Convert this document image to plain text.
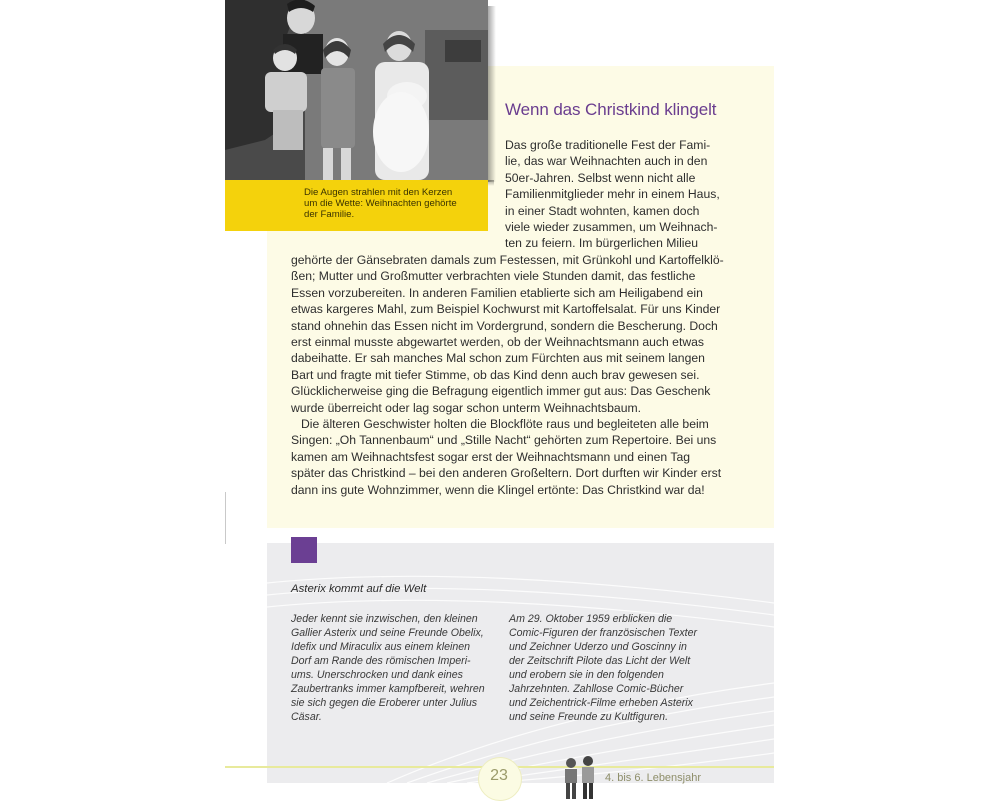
Die Augen strahlen mit den Kerzen
um die Wette: Weihnachten gehörte
der Familie.
Wenn das Christkind klingelt
Das große traditionelle Fest der Fami-
lie, das war Weihnachten auch in den
50er-Jahren. Selbst wenn nicht alle
Familienmitglieder mehr in einem Haus,
in einer Stadt wohnten, kamen doch
viele wieder zusammen, um Weihnach-
ten zu feiern. Im bürgerlichen Milieu
gehörte der Gänsebraten damals zum Festessen, mit Grünkohl und Kartoffelklö-
ßen; Mutter und Großmutter verbrachten viele Stunden damit, das festliche
Essen vorzubereiten. In anderen Familien etablierte sich am Heiligabend ein
etwas kargeres Mahl, zum Beispiel Kochwurst mit Kartoffelsalat. Für uns Kinder
stand ohnehin das Essen nicht im Vordergrund, sondern die Bescherung. Doch
erst einmal musste abgewartet werden, ob der Weihnachtsmann auch etwas
dabeihatte. Er sah manches Mal schon zum Fürchten aus mit seinem langen
Bart und fragte mit tiefer Stimme, ob das Kind denn auch brav gewesen sei.
Glücklicherweise ging die Befragung eigentlich immer gut aus: Das Geschenk
wurde überreicht oder lag sogar schon unterm Weihnachtsbaum.
Die älteren Geschwister holten die Blockflöte raus und begleiteten alle beim
Singen: „Oh Tannenbaum“ und „Stille Nacht“ gehörten zum Repertoire. Bei uns
kamen am Weihnachtsfest sogar erst der Weihnachtsmann und einen Tag
später das Christkind – bei den anderen Großeltern. Dort durften wir Kinder erst
dann ins gute Wohnzimmer, wenn die Klingel ertönte: Das Christkind war da!
Asterix kommt auf die Welt
Jeder kennt sie inzwischen, den kleinen
Gallier Asterix und seine Freunde Obelix,
Idefix und Miraculix aus einem kleinen
Dorf am Rande des römischen Imperi-
ums. Unerschrocken und dank eines
Zaubertranks immer kampfbereit, wehren
sie sich gegen die Eroberer unter Julius
Cäsar.
Am 29. Oktober 1959 erblicken die
Comic-Figuren der französischen Texter
und Zeichner Uderzo und Goscinny in
der Zeitschrift Pilote das Licht der Welt
und erobern sie in den folgenden
Jahrzehnten. Zahllose Comic-Bücher
und Zeichentrick-Filme erheben Asterix
und seine Freunde zu Kultfiguren.
23	4. bis 6. Lebensjahr
